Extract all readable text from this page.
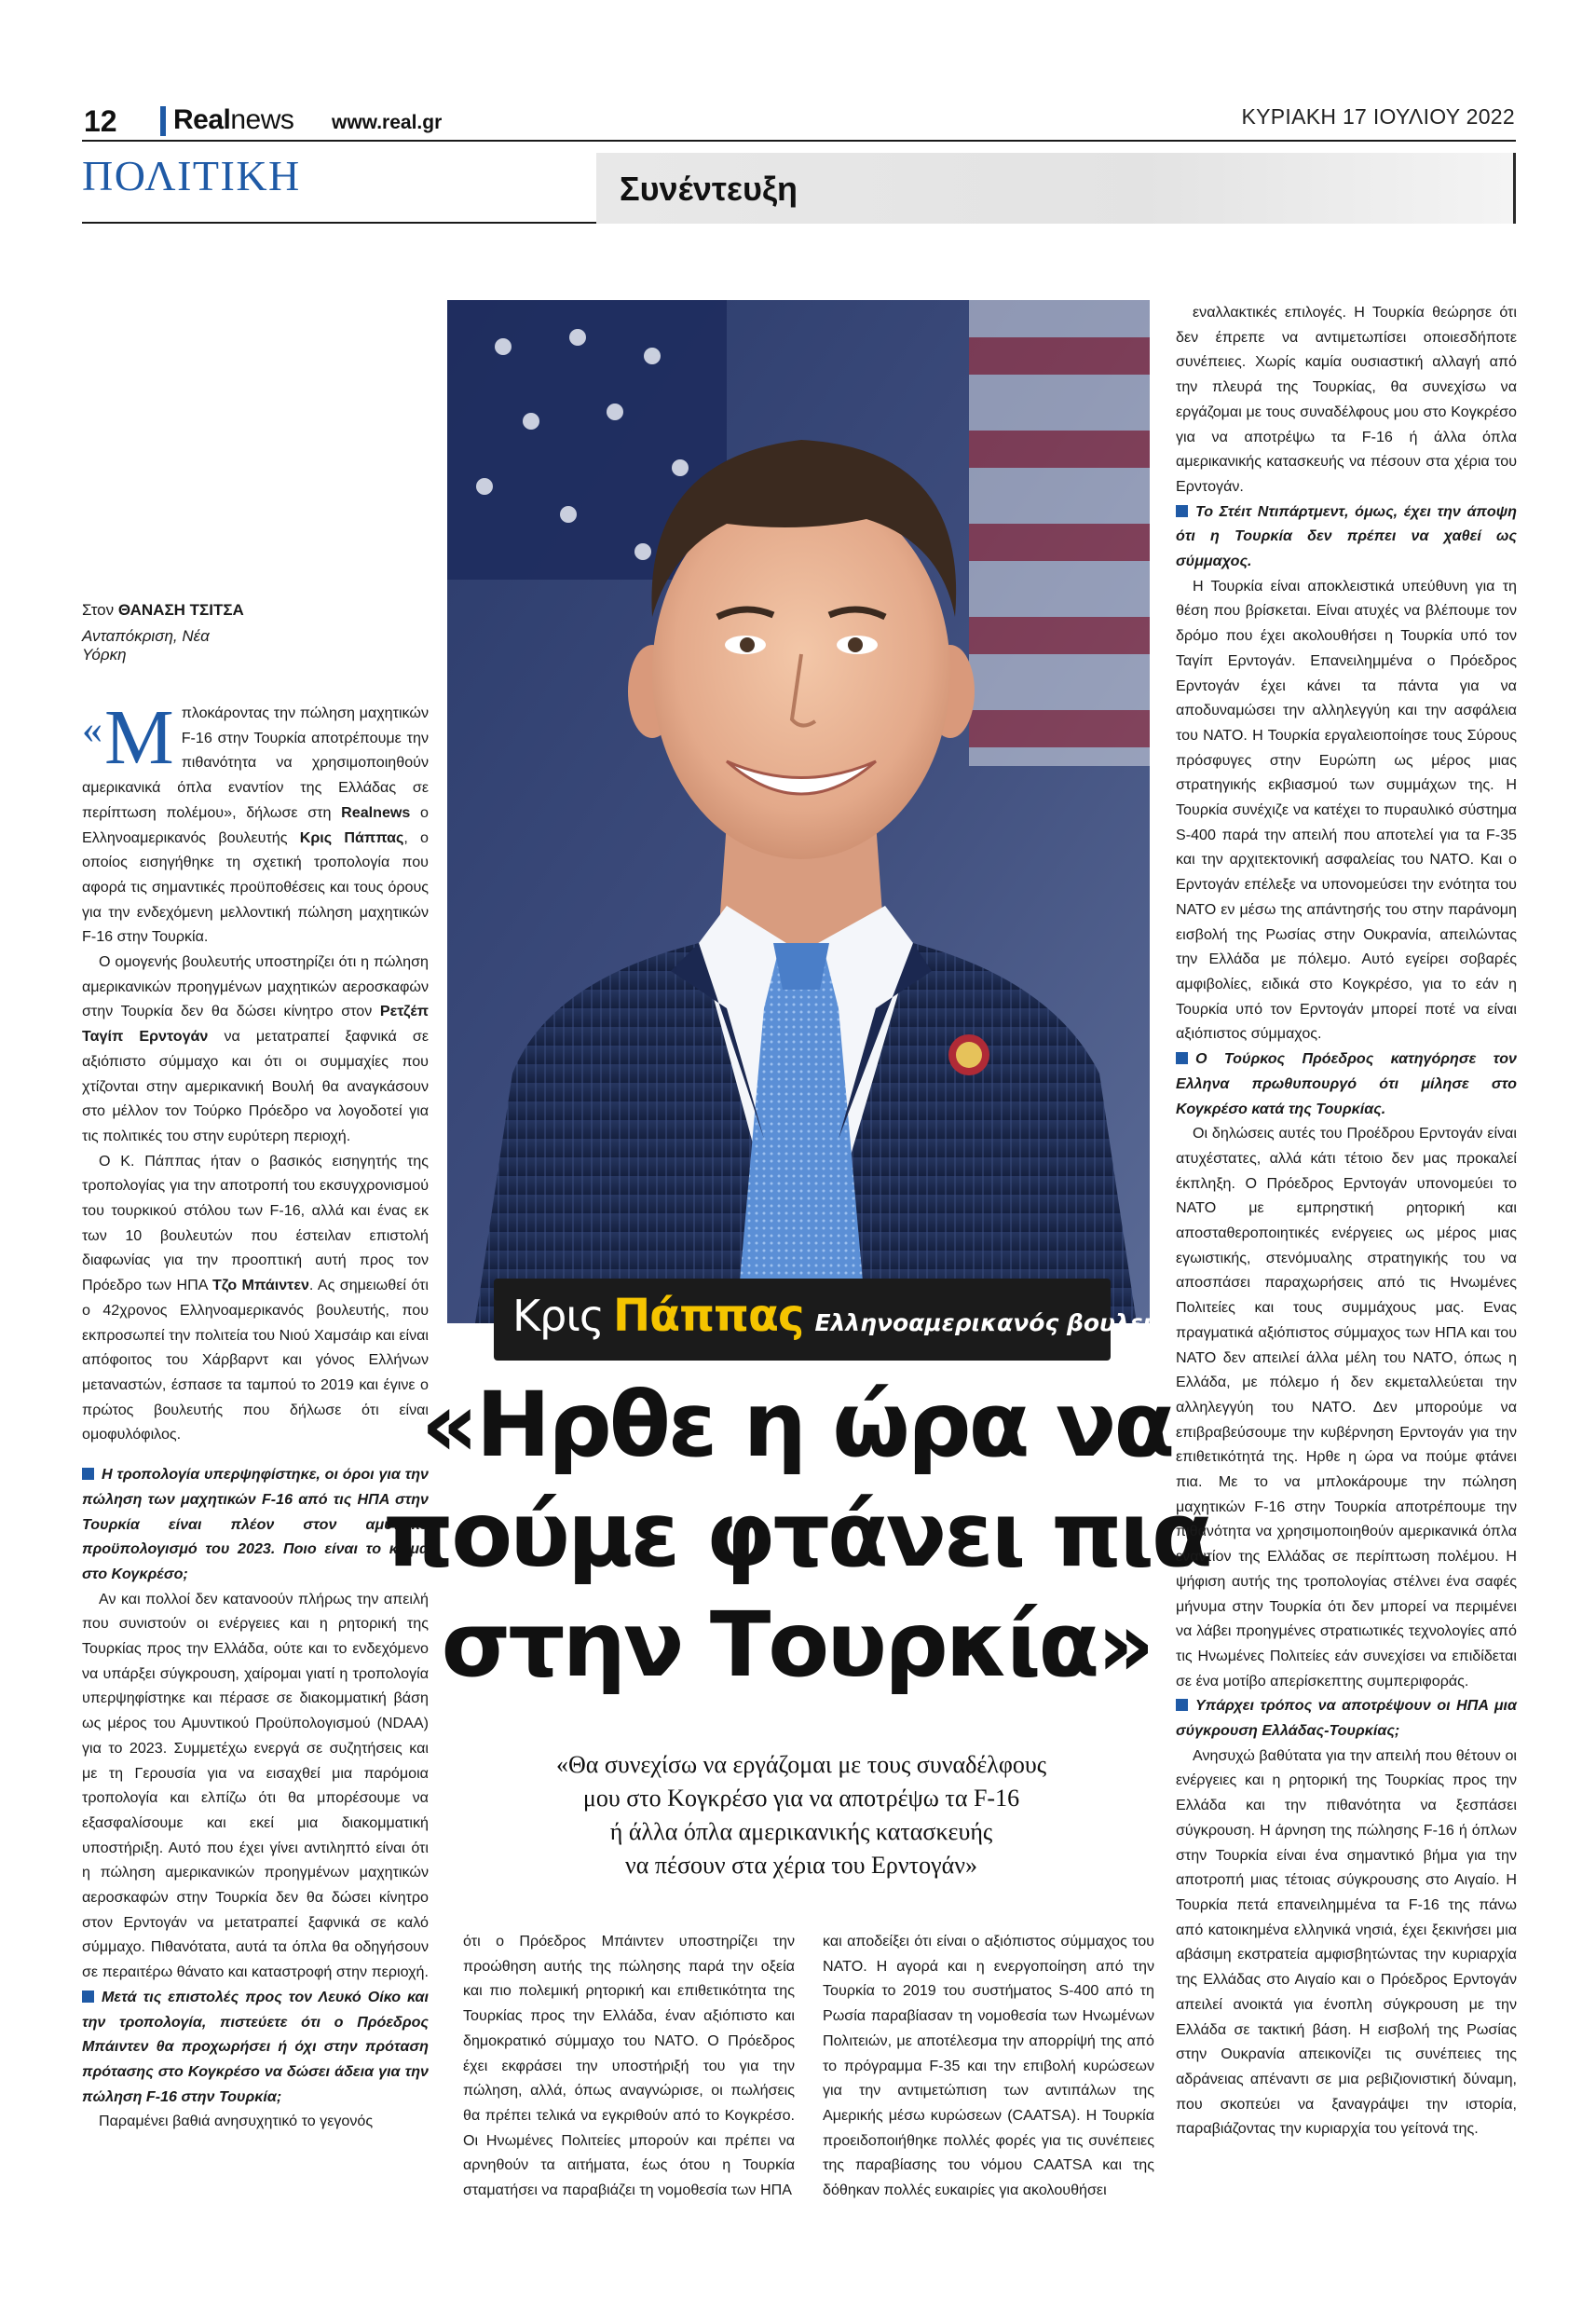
12 Realnews www.real.gr	ΚΥΡΙΑΚΗ 17 ΙΟΥΛΙΟΥ 2022
ΠΟΛΙΤΙΚΗ	Συνέντευξη
Κρις Πάππας Ελληνοαμερικανός βουλευτής
Στον ΘΑΝΑΣΗ ΤΣΙΤΣΑ
Ανταπόκριση, Νέα Υόρκη

«Μ πλοκάροντας την πώληση μαχητικών F-16 στην Τουρκία αποτρέπουμε την πιθανότητα να χρησιμοποιηθούν αμερικανικά όπλα εναντίον της Ελλάδας σε περίπτωση πολέμου», δήλωσε στη Realnews ο Ελληνοαμερικανός βουλευτής Κρις Πάππας, ο οποίος εισηγήθηκε τη σχετική τροπολογία που αφορά τις σημαντικές προϋποθέσεις και τους όρους για την ενδεχόμενη μελλοντική πώληση μαχητικών F-16 στην Τουρκία.

Ο ομογενής βουλευτής υποστηρίζει ότι η πώληση αμερικανικών προηγμένων μαχητικών αεροσκαφών στην Τουρκία δεν θα δώσει κίνητρο στον Ρετζέπ Ταγίπ Ερντογάν να μετατραπεί ξαφνικά σε αξιόπιστο σύμμαχο και ότι οι συμμαχίες που χτίζονται στην αμερικανική Βουλή θα αναγκάσουν στο μέλλον τον Τούρκο Πρόεδρο να λογοδοτεί για τις πολιτικές του στην ευρύτερη περιοχή.

Ο Κ. Πάππας ήταν ο βασικός εισηγητής της τροπολογίας για την αποτροπή του εκσυγχρονισμού του τουρκικού στόλου των F-16, αλλά και ένας εκ των 10 βουλευτών που έστειλαν επιστολή διαφωνίας για την προοπτική αυτή προς τον Πρόεδρο των ΗΠΑ Τζο Μπάιντεν. Ας σημειωθεί ότι ο 42χρονος Ελληνοαμερικανός βουλευτής, που εκπροσωπεί την πολιτεία του Νιού Χαμσάιρ και είναι απόφοιτος του Χάρβαρντ και γόνος Ελλήνων μεταναστών, έσπασε τα ταμπού το 2019 και έγινε ο πρώτος βουλευτής που δήλωσε ότι είναι ομοφυλόφιλος.

Η τροπολογία υπερψηφίστηκε, οι όροι για την πώληση των μαχητικών F-16 από τις ΗΠΑ στην Τουρκία είναι πλέον στον αμυντικό προϋπολογισμό του 2023. Ποιο είναι το κλίμα στο Κογκρέσο;

Αν και πολλοί δεν κατανοούν πλήρως την απειλή που συνιστούν οι ενέργειες και η ρητορική της Τουρκίας προς την Ελλάδα, ούτε και το ενδεχόμενο να υπάρξει σύγκρουση, χαίρομαι γιατί η τροπολογία υπερψηφίστηκε και πέρασε σε διακομματική βάση ως μέρος του Αμυντικού Προϋπολογισμού (NDAA) για το 2023. Συμμετέχω ενεργά σε συζητήσεις και με τη Γερουσία για να εισαχθεί μια παρόμοια τροπολογία και ελπίζω ότι θα μπορέσουμε να εξασφαλίσουμε και εκεί μια διακομματική υποστήριξη. Αυτό που έχει γίνει αντιληπτό είναι ότι η πώληση αμερικανικών προηγμένων μαχητικών αεροσκαφών στην Τουρκία δεν θα δώσει κίνητρο στον Ερντογάν να μετατραπεί ξαφνικά σε καλό σύμμαχο. Πιθανότατα, αυτά τα όπλα θα οδηγήσουν σε περαιτέρω θάνατο και καταστροφή στην περιοχή.

Μετά τις επιστολές προς τον Λευκό Οίκο και την τροπολογία, πιστεύετε ότι ο Πρόεδρος Μπάιντεν θα προχωρήσει ή όχι στην πρόταση πρότασης στο Κογκρέσο να δώσει άδεια για την πώληση F-16 στην Τουρκία;

Παραμένει βαθιά ανησυχητικό το γεγονός

«Ηρθε η ώρα να
πούμε φτάνει πια
στην Τουρκία»
«Θα συνεχίσω να εργάζομαι με τους συναδέλφους
μου στο Κογκρέσο για να αποτρέψω τα F-16
ή άλλα όπλα αμερικανικής κατασκευής
να πέσουν στα χέρια του Ερντογάν»

ότι ο Πρόεδρος Μπάιντεν υποστηρίζει την προώθηση αυτής της πώλησης παρά την οξεία και πιο πολεμική ρητορική και επιθετικότητα της Τουρκίας προς την Ελλάδα, έναν αξιόπιστο και δημοκρατικό σύμμαχο του ΝΑΤΟ. Ο Πρόεδρος έχει εκφράσει την υποστήριξή του για την πώληση, αλλά, όπως αναγνώρισε, οι πωλήσεις θα πρέπει τελικά να εγκριθούν από το Κογκρέσο. Οι Ηνωμένες Πολιτείες μπορούν και πρέπει να αρνηθούν τα αιτήματα, έως ότου η Τουρκία σταματήσει να παραβιάζει τη νομοθεσία των ΗΠΑ

και αποδείξει ότι είναι ο αξιόπιστος σύμμαχος του ΝΑΤΟ. Η αγορά και η ενεργοποίηση από την Τουρκία το 2019 του συστήματος S-400 από τη Ρωσία παραβίασαν τη νομοθεσία των Ηνωμένων Πολιτειών, με αποτέλεσμα την απορρίψή της από το πρόγραμμα F-35 και την επιβολή κυρώσεων για την αντιμετώπιση των αντιπάλων της Αμερικής μέσω κυρώσεων (CAATSA). Η Τουρκία προειδοποιήθηκε πολλές φορές για τις συνέπειες της παραβίασης του νόμου CAATSA και της δόθηκαν πολλές ευκαιρίες για ακολουθήσει

εναλλακτικές επιλογές. Η Τουρκία θεώρησε ότι δεν έπρεπε να αντιμετωπίσει οποιεσδήποτε συνέπειες. Χωρίς καμία ουσιαστική αλλαγή από την πλευρά της Τουρκίας, θα συνεχίσω να εργάζομαι με τους συναδέλφους μου στο Κογκρέσο για να αποτρέψω τα F-16 ή άλλα όπλα αμερικανικής κατασκευής να πέσουν στα χέρια του Ερντογάν.

Το Στέιτ Ντιπάρτμεντ, όμως, έχει την άποψη ότι η Τουρκία δεν πρέπει να χαθεί ως σύμμαχος.

Η Τουρκία είναι αποκλειστικά υπεύθυνη για τη θέση που βρίσκεται. Είναι ατυχές να βλέπουμε τον δρόμο που έχει ακολουθήσει η Τουρκία υπό τον Ταγίπ Ερντογάν. Επανειλημμένα ο Πρόεδρος Ερντογάν έχει κάνει τα πάντα για να αποδυναμώσει την αλληλεγγύη και την ασφάλεια του ΝΑΤΟ. Η Τουρκία εργαλειοποίησε τους Σύρους πρόσφυγες στην Ευρώπη ως μέρος μιας στρατηγικής εκβιασμού των συμμάχων της. Η Τουρκία συνέχιζε να κατέχει το πυραυλικό σύστημα S-400 παρά την απειλή που αποτελεί για τα F-35 και την αρχιτεκτονική ασφαλείας του ΝΑΤΟ. Και ο Ερντογάν επέλεξε να υπονομεύσει την ενότητα του ΝΑΤΟ εν μέσω της απάντησής του στην παράνομη εισβολή της Ρωσίας στην Ουκρανία, απειλώντας την Ελλάδα με πόλεμο. Αυτό εγείρει σοβαρές αμφιβολίες, ειδικά στο Κογκρέσο, για το εάν η Τουρκία υπό τον Ερντογάν μπορεί ποτέ να είναι αξιόπιστος σύμμαχος.

Ο Τούρκος Πρόεδρος κατηγόρησε τον Ελληνα πρωθυπουργό ότι μίλησε στο Κογκρέσο κατά της Τουρκίας.

Οι δηλώσεις αυτές του Προέδρου Ερντογάν είναι ατυχέστατες, αλλά κάτι τέτοιο δεν μας προκαλεί έκπληξη. Ο Πρόεδρος Ερντογάν υπονομεύει το ΝΑΤΟ με εμπρηστική ρητορική και αποσταθεροποιητικές ενέργειες ως μέρος μιας εγωιστικής, στενόμυαλης στρατηγικής του να αποσπάσει παραχωρήσεις από τις Ηνωμένες Πολιτείες και τους συμμάχους μας. Ενας πραγματικά αξιόπιστος σύμμαχος των ΗΠΑ και του ΝΑΤΟ δεν απειλεί άλλα μέλη του ΝΑΤΟ, όπως η Ελλάδα, με πόλεμο ή δεν εκμεταλλεύεται την αλληλεγγύη του ΝΑΤΟ. Δεν μπορούμε να επιβραβεύσουμε την κυβέρνηση Ερντογάν για την επιθετικότητά της. Ηρθε η ώρα να πούμε φτάνει πια. Με το να μπλοκάρουμε την πώληση μαχητικών F-16 στην Τουρκία αποτρέπουμε την πιθανότητα να χρησιμοποιηθούν αμερικανικά όπλα εναντίον της Ελλάδας σε περίπτωση πολέμου. Η ψήφιση αυτής της τροπολογίας στέλνει ένα σαφές μήνυμα στην Τουρκία ότι δεν μπορεί να περιμένει να λάβει προηγμένες στρατιωτικές τεχνολογίες από τις Ηνωμένες Πολιτείες εάν συνεχίσει να επιδίδεται σε ένα μοτίβο απερίσκεπτης συμπεριφοράς.

Υπάρχει τρόπος να αποτρέψουν οι ΗΠΑ μια σύγκρουση Ελλάδας-Τουρκίας;

Ανησυχώ βαθύτατα για την απειλή που θέτουν οι ενέργειες και η ρητορική της Τουρκίας προς την Ελλάδα και την πιθανότητα να ξεσπάσει σύγκρουση. Η άρνηση της πώλησης F-16 ή όπλων στην Τουρκία είναι ένα σημαντικό βήμα για την αποτροπή μιας τέτοιας σύγκρουσης στο Αιγαίο. Η Τουρκία πετά επανειλημμένα τα F-16 της πάνω από κατοικημένα ελληνικά νησιά, έχει ξεκινήσει μια αβάσιμη εκστρατεία αμφισβητώντας την κυριαρχία της Ελλάδας στο Αιγαίο και ο Πρόεδρος Ερντογάν απειλεί ανοικτά για ένοπλη σύγκρουση με την Ελλάδα σε τακτική βάση. Η εισβολή της Ρωσίας στην Ουκρανία απεικονίζει τις συνέπειες της αδράνειας απέναντι σε μια ρεβιζιονιστική δύναμη, που σκοπεύει να ξαναγράψει την ιστορία, παραβιάζοντας την κυριαρχία του γείτονά της.
